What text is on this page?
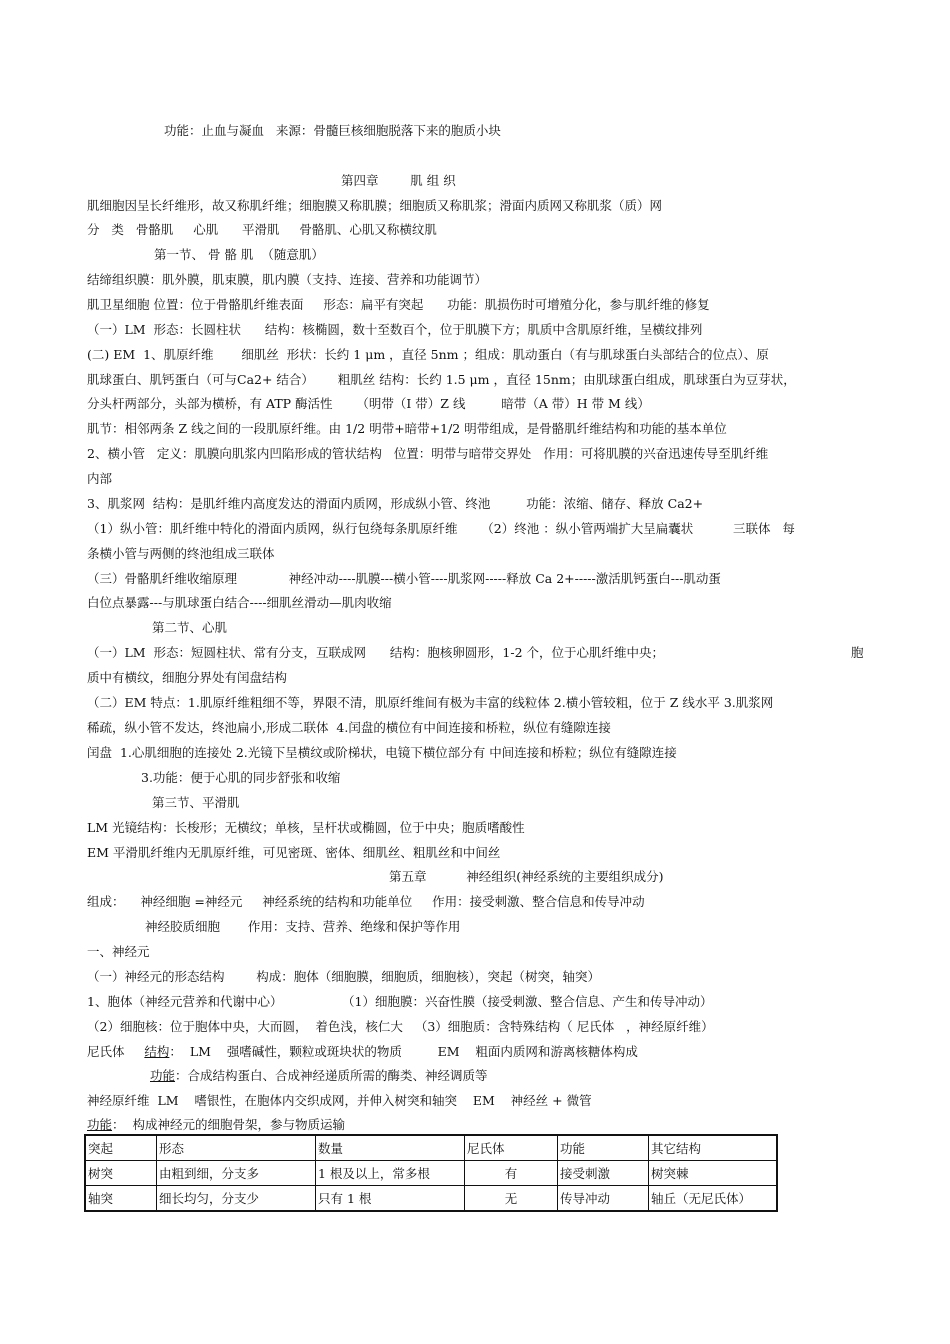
功能：止血与凝血   来源：骨髓巨核细胞脱落下来的胞质小块
第四章        肌 组 织
肌细胞因呈长纤维形，故又称肌纤维；细胞膜又称肌膜；细胞质又称肌浆；滑面内质网又称肌浆（质）网
分   类   骨骼肌     心肌      平滑肌     骨骼肌、心肌又称横纹肌
第一节、 骨 骼 肌  （随意肌）
结缔组织膜：肌外膜，肌束膜，肌内膜（支持、连接、营养和功能调节）
肌卫星细胞 位置：位于骨骼肌纤维表面     形态：扁平有突起      功能：肌损伤时可增殖分化，参与肌纤维的修复
（一）LM  形态：长圆柱状      结构：核椭圆，数十至数百个，位于肌膜下方；肌质中含肌原纤维，呈横纹排列
(二) EM  1、肌原纤维       细肌丝  形状：长约 1 μm ，直径 5nm ；组成：肌动蛋白（有与肌球蛋白头部结合的位点）、原
肌球蛋白、肌钙蛋白（可与Ca2+ 结合）      粗肌丝 结构：长约 1.5 μm ，直径 15nm；由肌球蛋白组成，肌球蛋白为豆芽状，
分头杆两部分，头部为横桥，有 ATP 酶活性      （明带（I 带）Z 线         暗带（A 带）H 带 M 线）
肌节：相邻两条 Z 线之间的一段肌原纤维。由 1/2 明带+暗带+1/2 明带组成，是骨骼肌纤维结构和功能的基本单位
2、横小管   定义：肌膜向肌浆内凹陷形成的管状结构   位置：明带与暗带交界处   作用：可将肌膜的兴奋迅速传导至肌纤维
内部
3、肌浆网  结构：是肌纤维内高度发达的滑面内质网，形成纵小管、终池         功能：浓缩、储存、释放 Ca2+
（1）纵小管：肌纤维中特化的滑面内质网，纵行包绕每条肌原纤维      （2）终池 ：纵小管两端扩大呈扁囊状          三联体   每
条横小管与两侧的终池组成三联体
（三）骨骼肌纤维收缩原理             神经冲动----肌膜---横小管----肌浆网-----释放 Ca 2+-----激活肌钙蛋白---肌动蛋
白位点暴露---与肌球蛋白结合----细肌丝滑动—肌肉收缩
第二节、心肌
（一）LM  形态：短圆柱状、常有分支，互联成网      结构：胞核卵圆形，1-2 个，位于心肌纤维中央；	胞
质中有横纹，细胞分界处有闰盘结构
（二）EM 特点：1.肌原纤维粗细不等，界限不清，肌原纤维间有极为丰富的线粒体 2.横小管较粗，位于 Z 线水平 3.肌浆网
稀疏，纵小管不发达，终池扁小,形成二联体  4.闰盘的横位有中间连接和桥粒，纵位有缝隙连接
闰盘  1.心肌细胞的连接处 2.光镜下呈横纹或阶梯状，电镜下横位部分有 中间连接和桥粒；纵位有缝隙连接
3.功能：便于心肌的同步舒张和收缩
第三节、平滑肌
LM 光镜结构：长梭形；无横纹；单核，呈杆状或椭圆，位于中央；胞质嗜酸性
EM 平滑肌纤维内无肌原纤维，可见密斑、密体、细肌丝、粗肌丝和中间丝
第五章          神经组织(神经系统的主要组织成分)
组成：    神经细胞 =神经元     神经系统的结构和功能单位     作用：接受刺激、整合信息和传导冲动
神经胶质细胞       作用：支持、营养、绝缘和保护等作用
一、神经元
（一）神经元的形态结构        构成：胞体（细胞膜，细胞质，细胞核），突起（树突，轴突）
1、胞体（神经元营养和代谢中心）               （1）细胞膜：兴奋性膜（接受刺激、整合信息、产生和传导冲动）
（2）细胞核：位于胞体中央，大而圆，  着色浅，核仁大   （3）细胞质：含特殊结构（ 尼氏体   ，神经原纤维）
尼氏体     结构：  LM    强嗜碱性，颗粒或斑块状的物质         EM    粗面内质网和游离核糖体构成
功能：合成结构蛋白、合成神经递质所需的酶类、神经调质等
神经原纤维  LM    嗜银性，在胞体内交织成网，并伸入树突和轴突    EM    神经丝 + 微管
功能：  构成神经元的细胞骨架，参与物质运输
突起	形态	数量	尼氏体	功能	其它结构
树突	由粗到细，分支多	1 根及以上，常多根	有	接受刺激	树突棘
轴突	细长均匀，分支少	只有 1 根	无	传导冲动	轴丘（无尼氏体）
